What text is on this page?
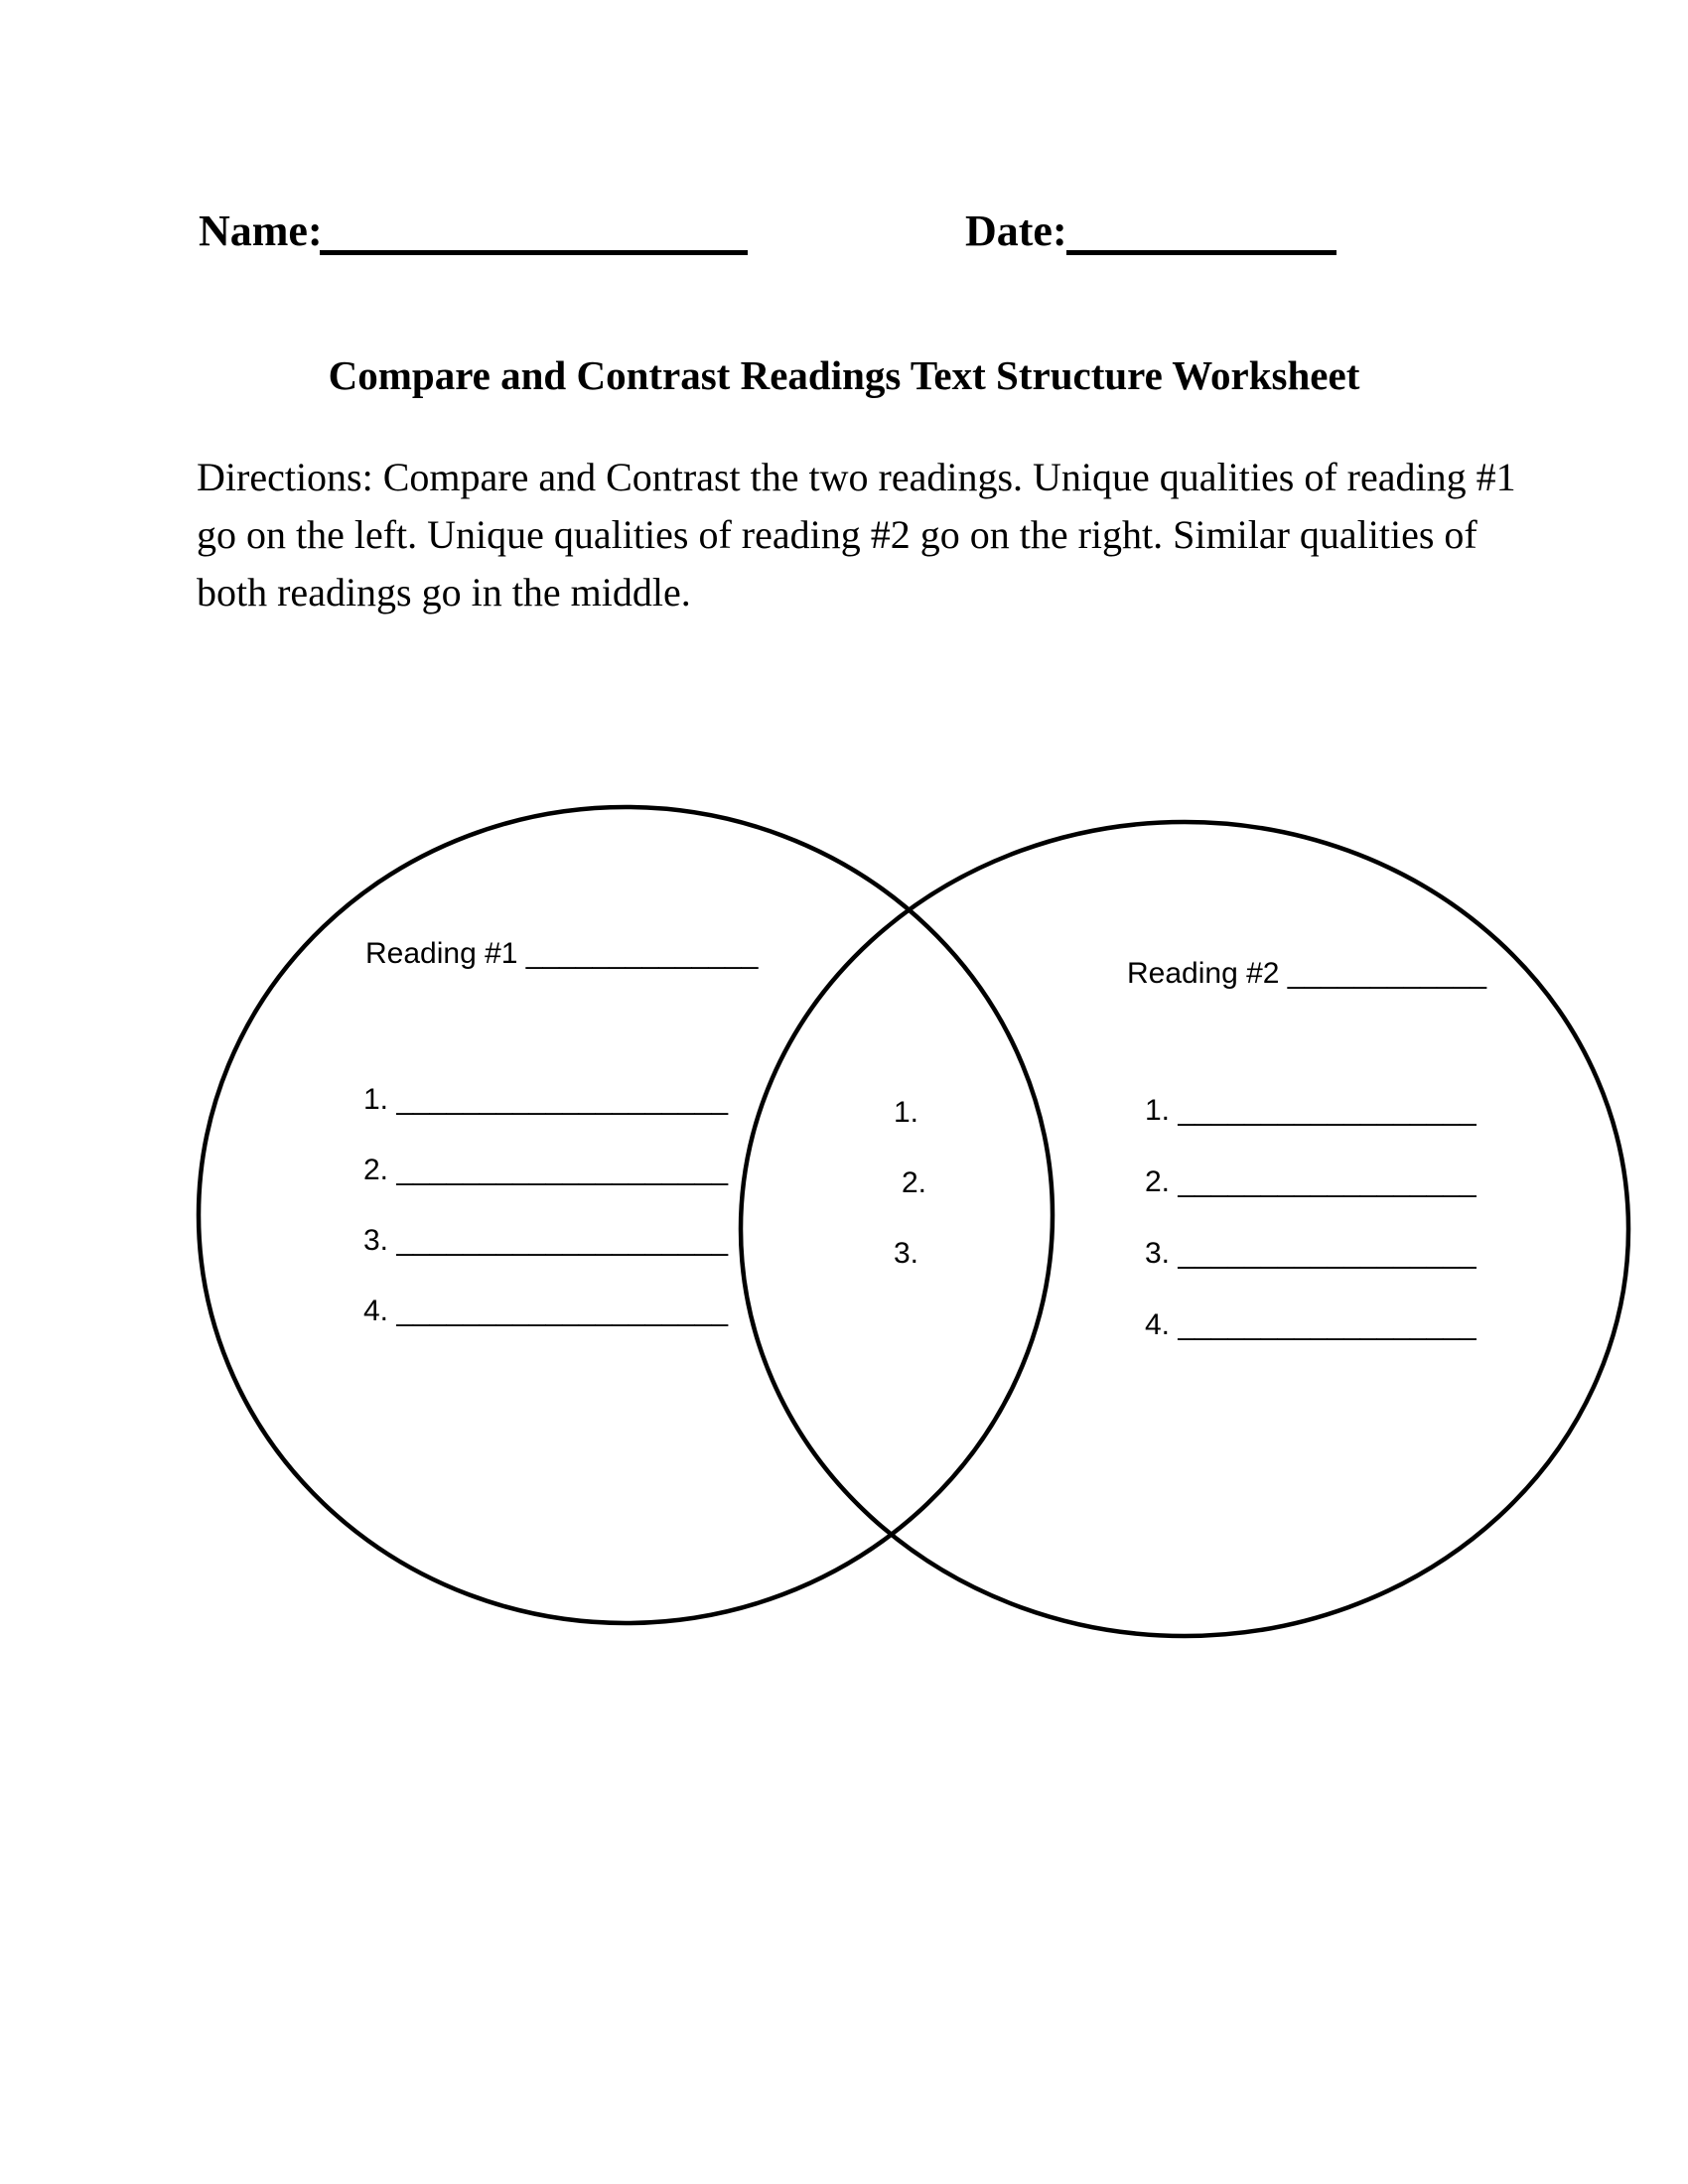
Name:	Date:
Compare and Contrast Readings Text Structure Worksheet
Directions: Compare and Contrast the two readings. Unique qualities of reading #1
go on the left. Unique qualities of reading #2 go on the right. Similar qualities of
both readings go in the middle.
Reading #1 ______________
1. ____________________
2. ____________________
3. ____________________
4. ____________________
1.
2.
3.
Reading #2 ____________
1. __________________
2. __________________
3. __________________
4. __________________
